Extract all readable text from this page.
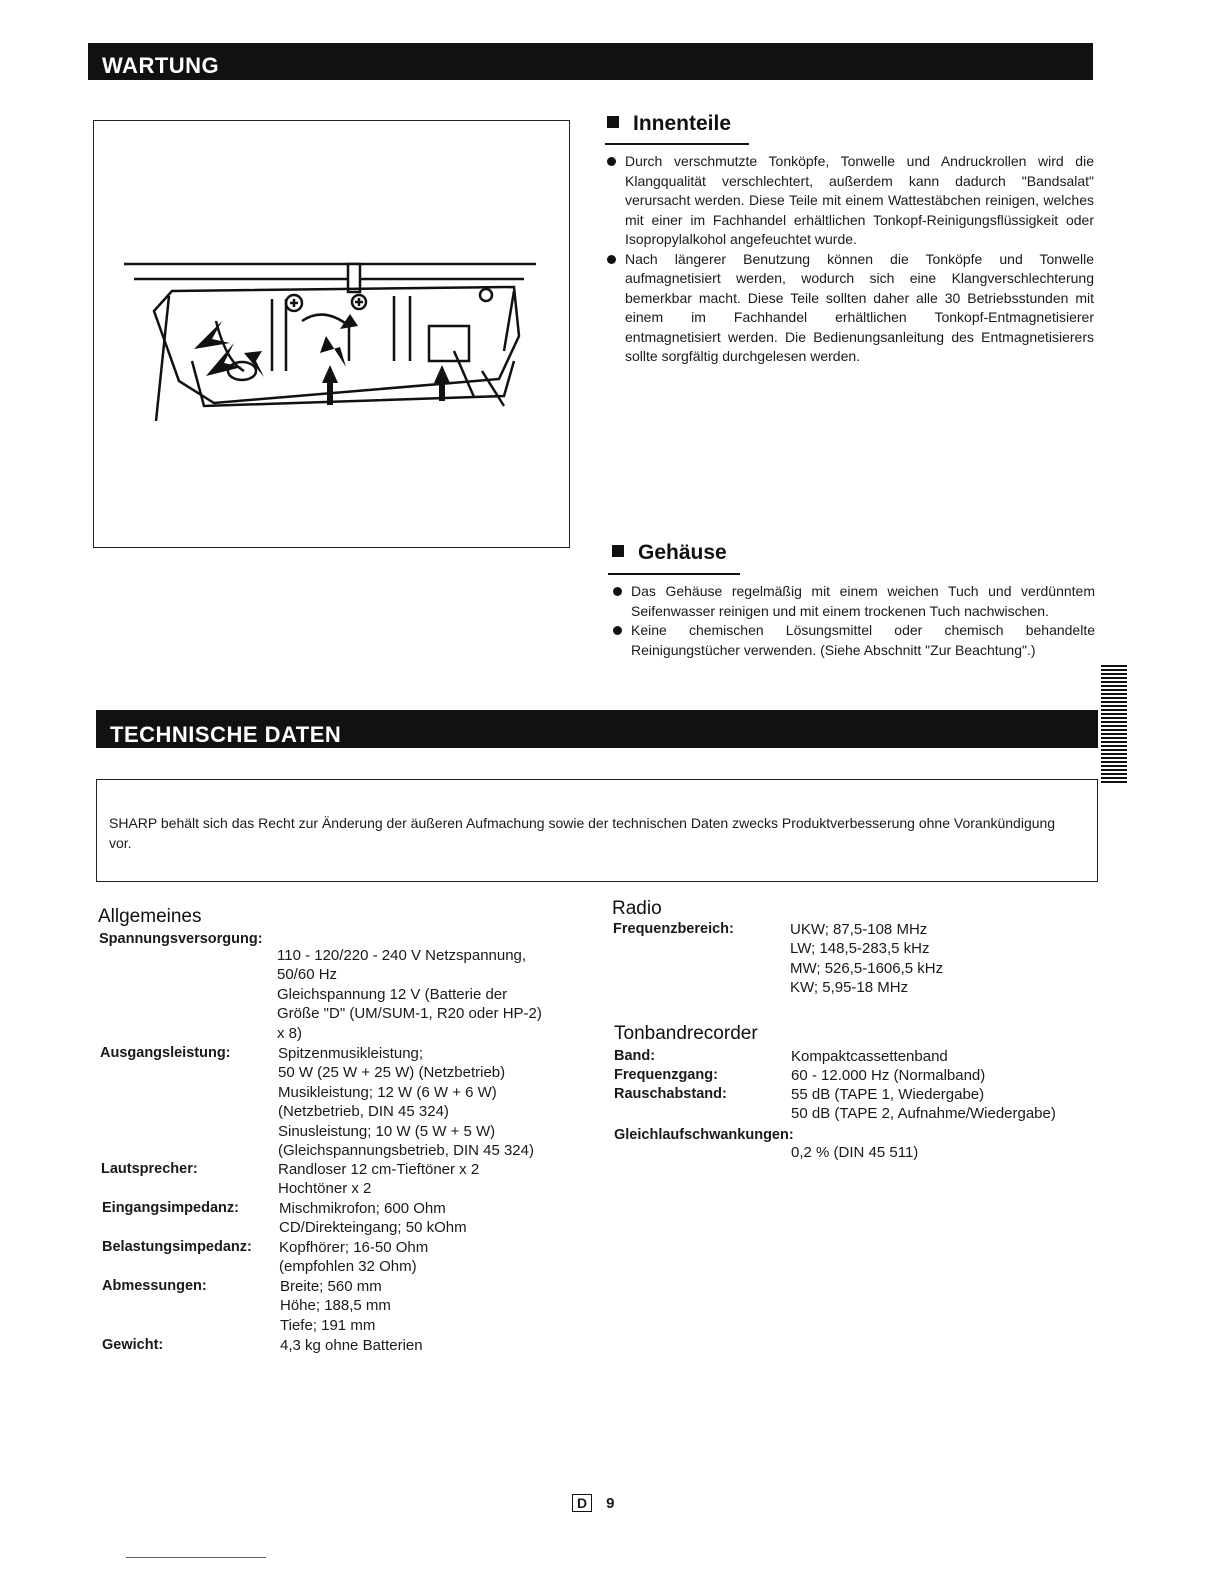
WARTUNG
Innenteile

Durch verschmutzte Tonköpfe, Tonwelle und Andruckrollen wird die Klangqualität verschlechtert, außerdem kann dadurch "Bandsalat" verursacht werden. Diese Teile mit einem Wattestäbchen reinigen, welches mit einer im Fachhandel erhältlichen Tonkopf-Reinigungsflüssigkeit oder Isopropylalkohol angefeuchtet wurde.

Nach längerer Benutzung können die Tonköpfe und Tonwelle aufmagnetisiert werden, wodurch sich eine Klangverschlechterung bemerkbar macht. Diese Teile sollten daher alle 30 Betriebsstunden mit einem im Fachhandel erhältlichen Tonkopf-Entmagnetisierer entmagnetisiert werden. Die Bedienungsanleitung des Entmagnetisierers sollte sorgfältig durchgelesen werden.

Gehäuse

Das Gehäuse regelmäßig mit einem weichen Tuch und verdünntem Seifenwasser reinigen und mit einem trockenen Tuch nachwischen.

Keine chemischen Lösungsmittel oder chemisch behandelte Reinigungstücher verwenden. (Siehe Abschnitt "Zur Beachtung".)

TECHNISCHE DATEN
SHARP behält sich das Recht zur Änderung der äußeren Aufmachung sowie der technischen Daten zwecks Produktverbesserung ohne Vorankündigung vor.
Allgemeines
Spannungsversorgung:
110 - 120/220 - 240 V Netzspannung,
50/60 Hz
Gleichspannung 12 V (Batterie der
Größe "D" (UM/SUM-1, R20 oder HP-2)
x 8)
Ausgangsleistung:	Spitzenmusikleistung;
50 W (25 W + 25 W) (Netzbetrieb)
Musikleistung; 12 W (6 W + 6 W)
(Netzbetrieb, DIN 45 324)
Sinusleistung; 10 W (5 W + 5 W)
(Gleichspannungsbetrieb, DIN 45 324)
Lautsprecher:	Randloser 12 cm-Tieftöner x 2
Hochtöner x 2
Eingangsimpedanz:	Mischmikrofon; 600 Ohm
CD/Direkteingang; 50 kOhm
Belastungsimpedanz: Kopfhörer; 16-50 Ohm
(empfohlen 32 Ohm)
Abmessungen:	Breite; 560 mm
Höhe; 188,5 mm
Tiefe; 191 mm
Gewicht:	4,3 kg ohne Batterien
Radio
Frequenzbereich:	UKW; 87,5-108 MHz
LW; 148,5-283,5 kHz
MW; 526,5-1606,5 kHz
KW; 5,95-18 MHz
Tonbandrecorder
Band:	Kompaktcassettenband
Frequenzgang:	60 - 12.000 Hz (Normalband)
Rauschabstand:	55 dB (TAPE 1, Wiedergabe)
50 dB (TAPE 2, Aufnahme/Wiedergabe)
Gleichlaufschwankungen:
0,2 % (DIN 45 511)
D 9
